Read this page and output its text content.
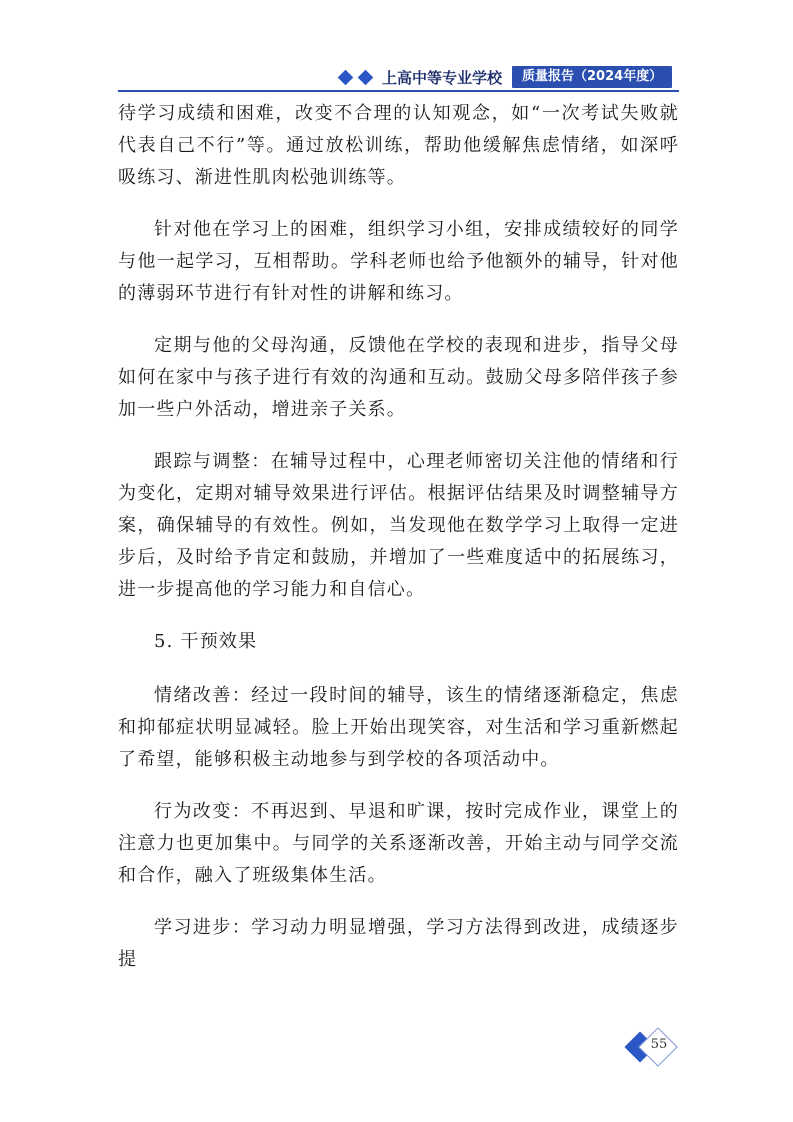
上高中等专业学校	质量报告（2024年度）

待学习成绩和困难，改变不合理的认知观念，如“一次考试失败就代表自己不行”等。通过放松训练，帮助他缓解焦虑情绪，如深呼吸练习、渐进性肌肉松弛训练等。

针对他在学习上的困难，组织学习小组，安排成绩较好的同学与他一起学习，互相帮助。学科老师也给予他额外的辅导，针对他的薄弱环节进行有针对性的讲解和练习。

定期与他的父母沟通，反馈他在学校的表现和进步，指导父母如何在家中与孩子进行有效的沟通和互动。鼓励父母多陪伴孩子参加一些户外活动，增进亲子关系。

跟踪与调整：在辅导过程中，心理老师密切关注他的情绪和行为变化，定期对辅导效果进行评估。根据评估结果及时调整辅导方案，确保辅导的有效性。例如，当发现他在数学学习上取得一定进步后，及时给予肯定和鼓励，并增加了一些难度适中的拓展练习，进一步提高他的学习能力和自信心。

5. 干预效果

情绪改善：经过一段时间的辅导，该生的情绪逐渐稳定，焦虑和抑郁症状明显减轻。脸上开始出现笑容，对生活和学习重新燃起了希望，能够积极主动地参与到学校的各项活动中。

行为改变：不再迟到、早退和旷课，按时完成作业，课堂上的注意力也更加集中。与同学的关系逐渐改善，开始主动与同学交流和合作，融入了班级集体生活。

学习进步：学习动力明显增强，学习方法得到改进，成绩逐步提

55
